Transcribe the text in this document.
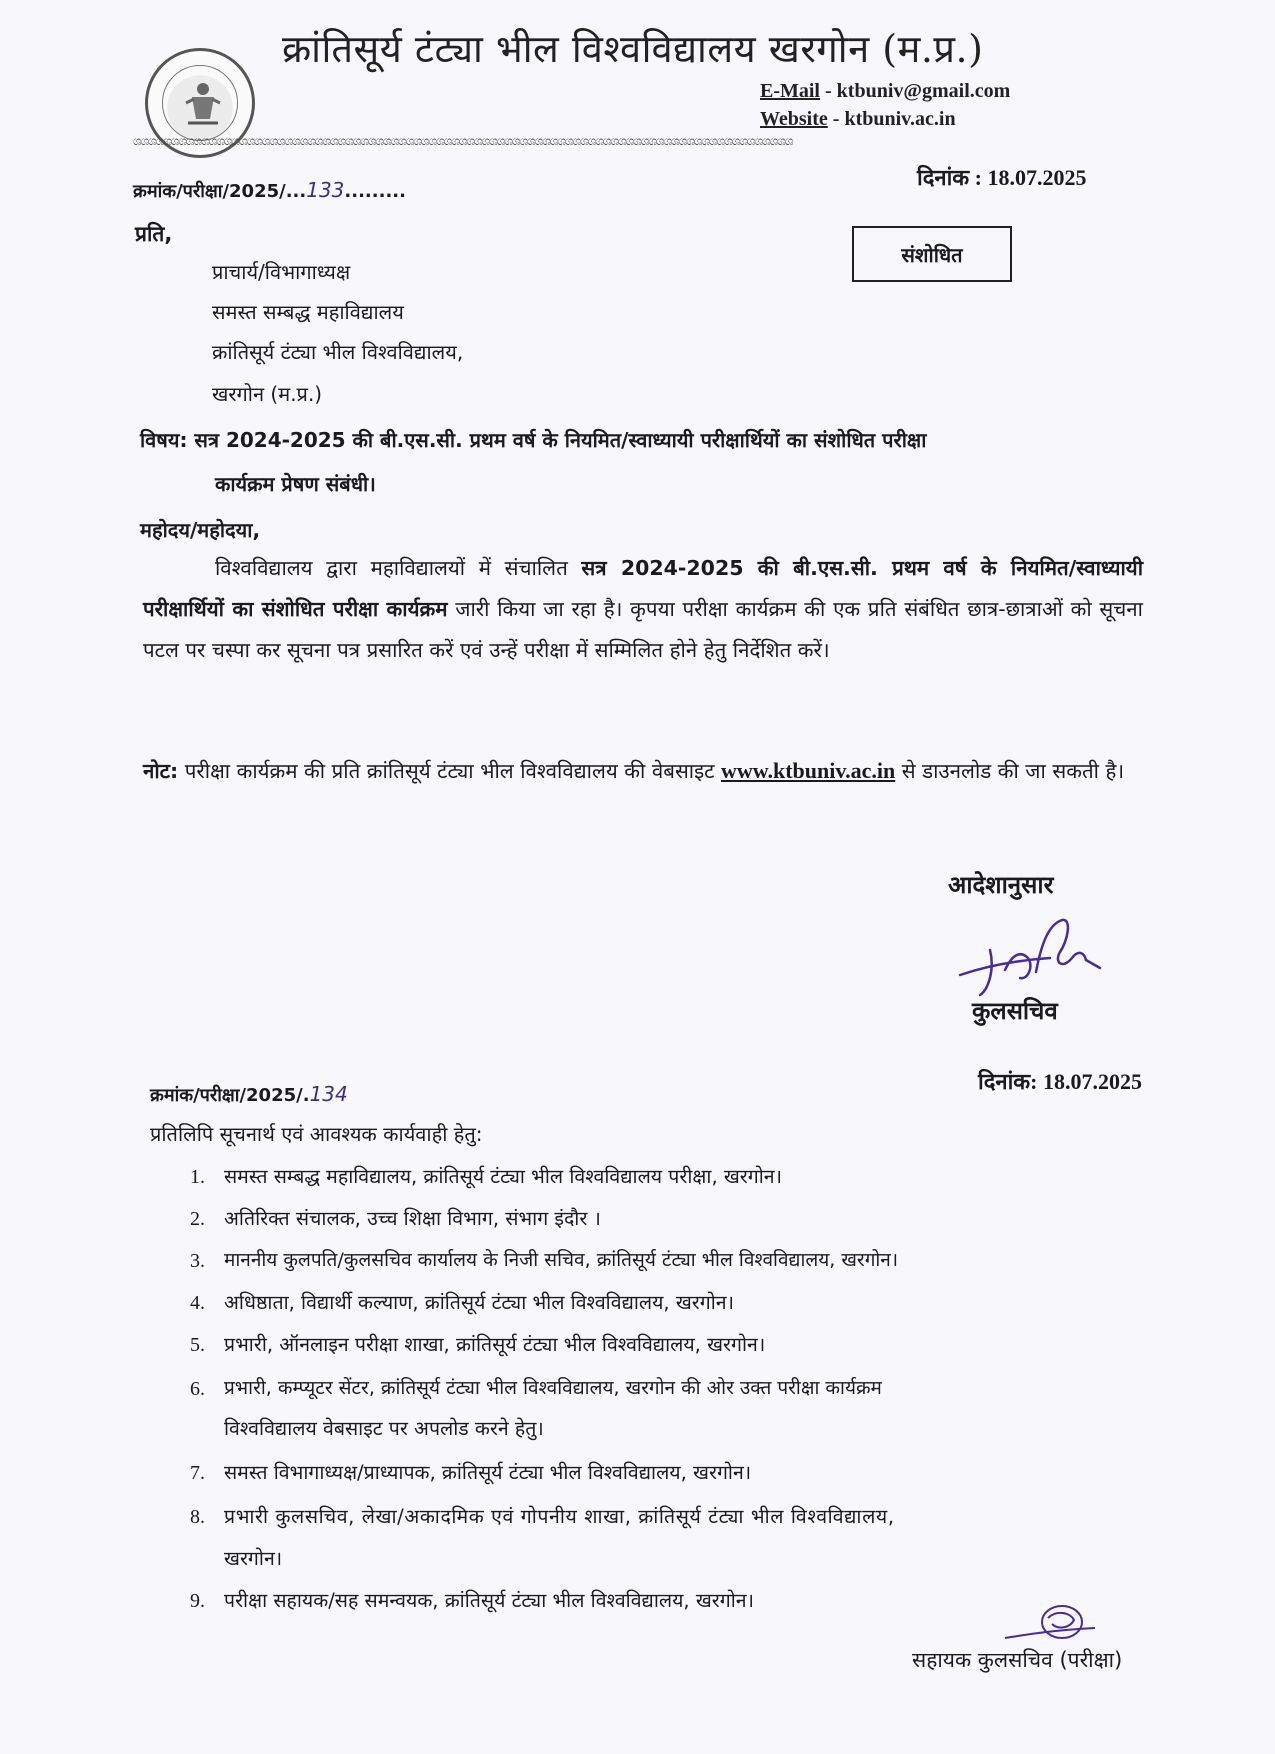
क्रांतिसूर्य टंट्या भील विश्वविद्यालय खरगोन (म.प्र.)
E-Mail - ktbuniv@gmail.com
Website - ktbuniv.ac.in
ශශශශශශශශශශශශශශශශශශශශශශශශශශශශශශශශශශශශශශශශශශශශශශශශශශශශශශශශශශශශශශශශශශශශශශශශශශශශශශශශශශශශශශශ
क्रमांक/परीक्षा/2025/...133.........
दिनांक : 18.07.2025
प्रति,
संशोधित
प्राचार्य/विभागाध्यक्ष
समस्त सम्बद्ध महाविद्यालय
क्रांतिसूर्य टंट्या भील विश्वविद्यालय,
खरगोन (म.प्र.)
विषय: सत्र 2024-2025 की बी.एस.सी. प्रथम वर्ष के नियमित/स्वाध्यायी परीक्षार्थियों का संशोधित परीक्षा
कार्यक्रम प्रेषण संबंधी।
महोदय/महोदया,
विश्वविद्यालय द्वारा महाविद्यालयों में संचालित सत्र 2024-2025 की बी.एस.सी. प्रथम वर्ष के नियमित/स्वाध्यायी परीक्षार्थियों का संशोधित परीक्षा कार्यक्रम जारी किया जा रहा है। कृपया परीक्षा कार्यक्रम की एक प्रति संबंधित छात्र-छात्राओं को सूचना पटल पर चस्पा कर सूचना पत्र प्रसारित करें एवं उन्हें परीक्षा में सम्मिलित होने हेतु निर्देशित करें।
नोट: परीक्षा कार्यक्रम की प्रति क्रांतिसूर्य टंट्या भील विश्वविद्यालय की वेबसाइट www.ktbuniv.ac.in से डाउनलोड की जा सकती है।
आदेशानुसार
कुलसचिव
क्रमांक/परीक्षा/2025/.134	दिनांक: 18.07.2025
प्रतिलिपि सूचनार्थ एवं आवश्यक कार्यवाही हेतु:
1. समस्त सम्बद्ध महाविद्यालय, क्रांतिसूर्य टंट्या भील विश्वविद्यालय परीक्षा, खरगोन।
2. अतिरिक्त संचालक, उच्च शिक्षा विभाग, संभाग इंदौर ।
3. माननीय कुलपति/कुलसचिव कार्यालय के निजी सचिव, क्रांतिसूर्य टंट्या भील विश्वविद्यालय, खरगोन।
4. अधिष्ठाता, विद्यार्थी कल्याण, क्रांतिसूर्य टंट्या भील विश्वविद्यालय, खरगोन।
5. प्रभारी, ऑनलाइन परीक्षा शाखा, क्रांतिसूर्य टंट्या भील विश्वविद्यालय, खरगोन।
6. प्रभारी, कम्प्यूटर सेंटर, क्रांतिसूर्य टंट्या भील विश्वविद्यालय, खरगोन की ओर उक्त परीक्षा कार्यक्रम
विश्वविद्यालय वेबसाइट पर अपलोड करने हेतु।
7. समस्त विभागाध्यक्ष/प्राध्यापक, क्रांतिसूर्य टंट्या भील विश्वविद्यालय, खरगोन।
8. प्रभारी कुलसचिव, लेखा/अकादमिक एवं गोपनीय शाखा, क्रांतिसूर्य टंट्या भील विश्वविद्यालय,
खरगोन।
9. परीक्षा सहायक/सह समन्वयक, क्रांतिसूर्य टंट्या भील विश्वविद्यालय, खरगोन।
सहायक कुलसचिव (परीक्षा)
